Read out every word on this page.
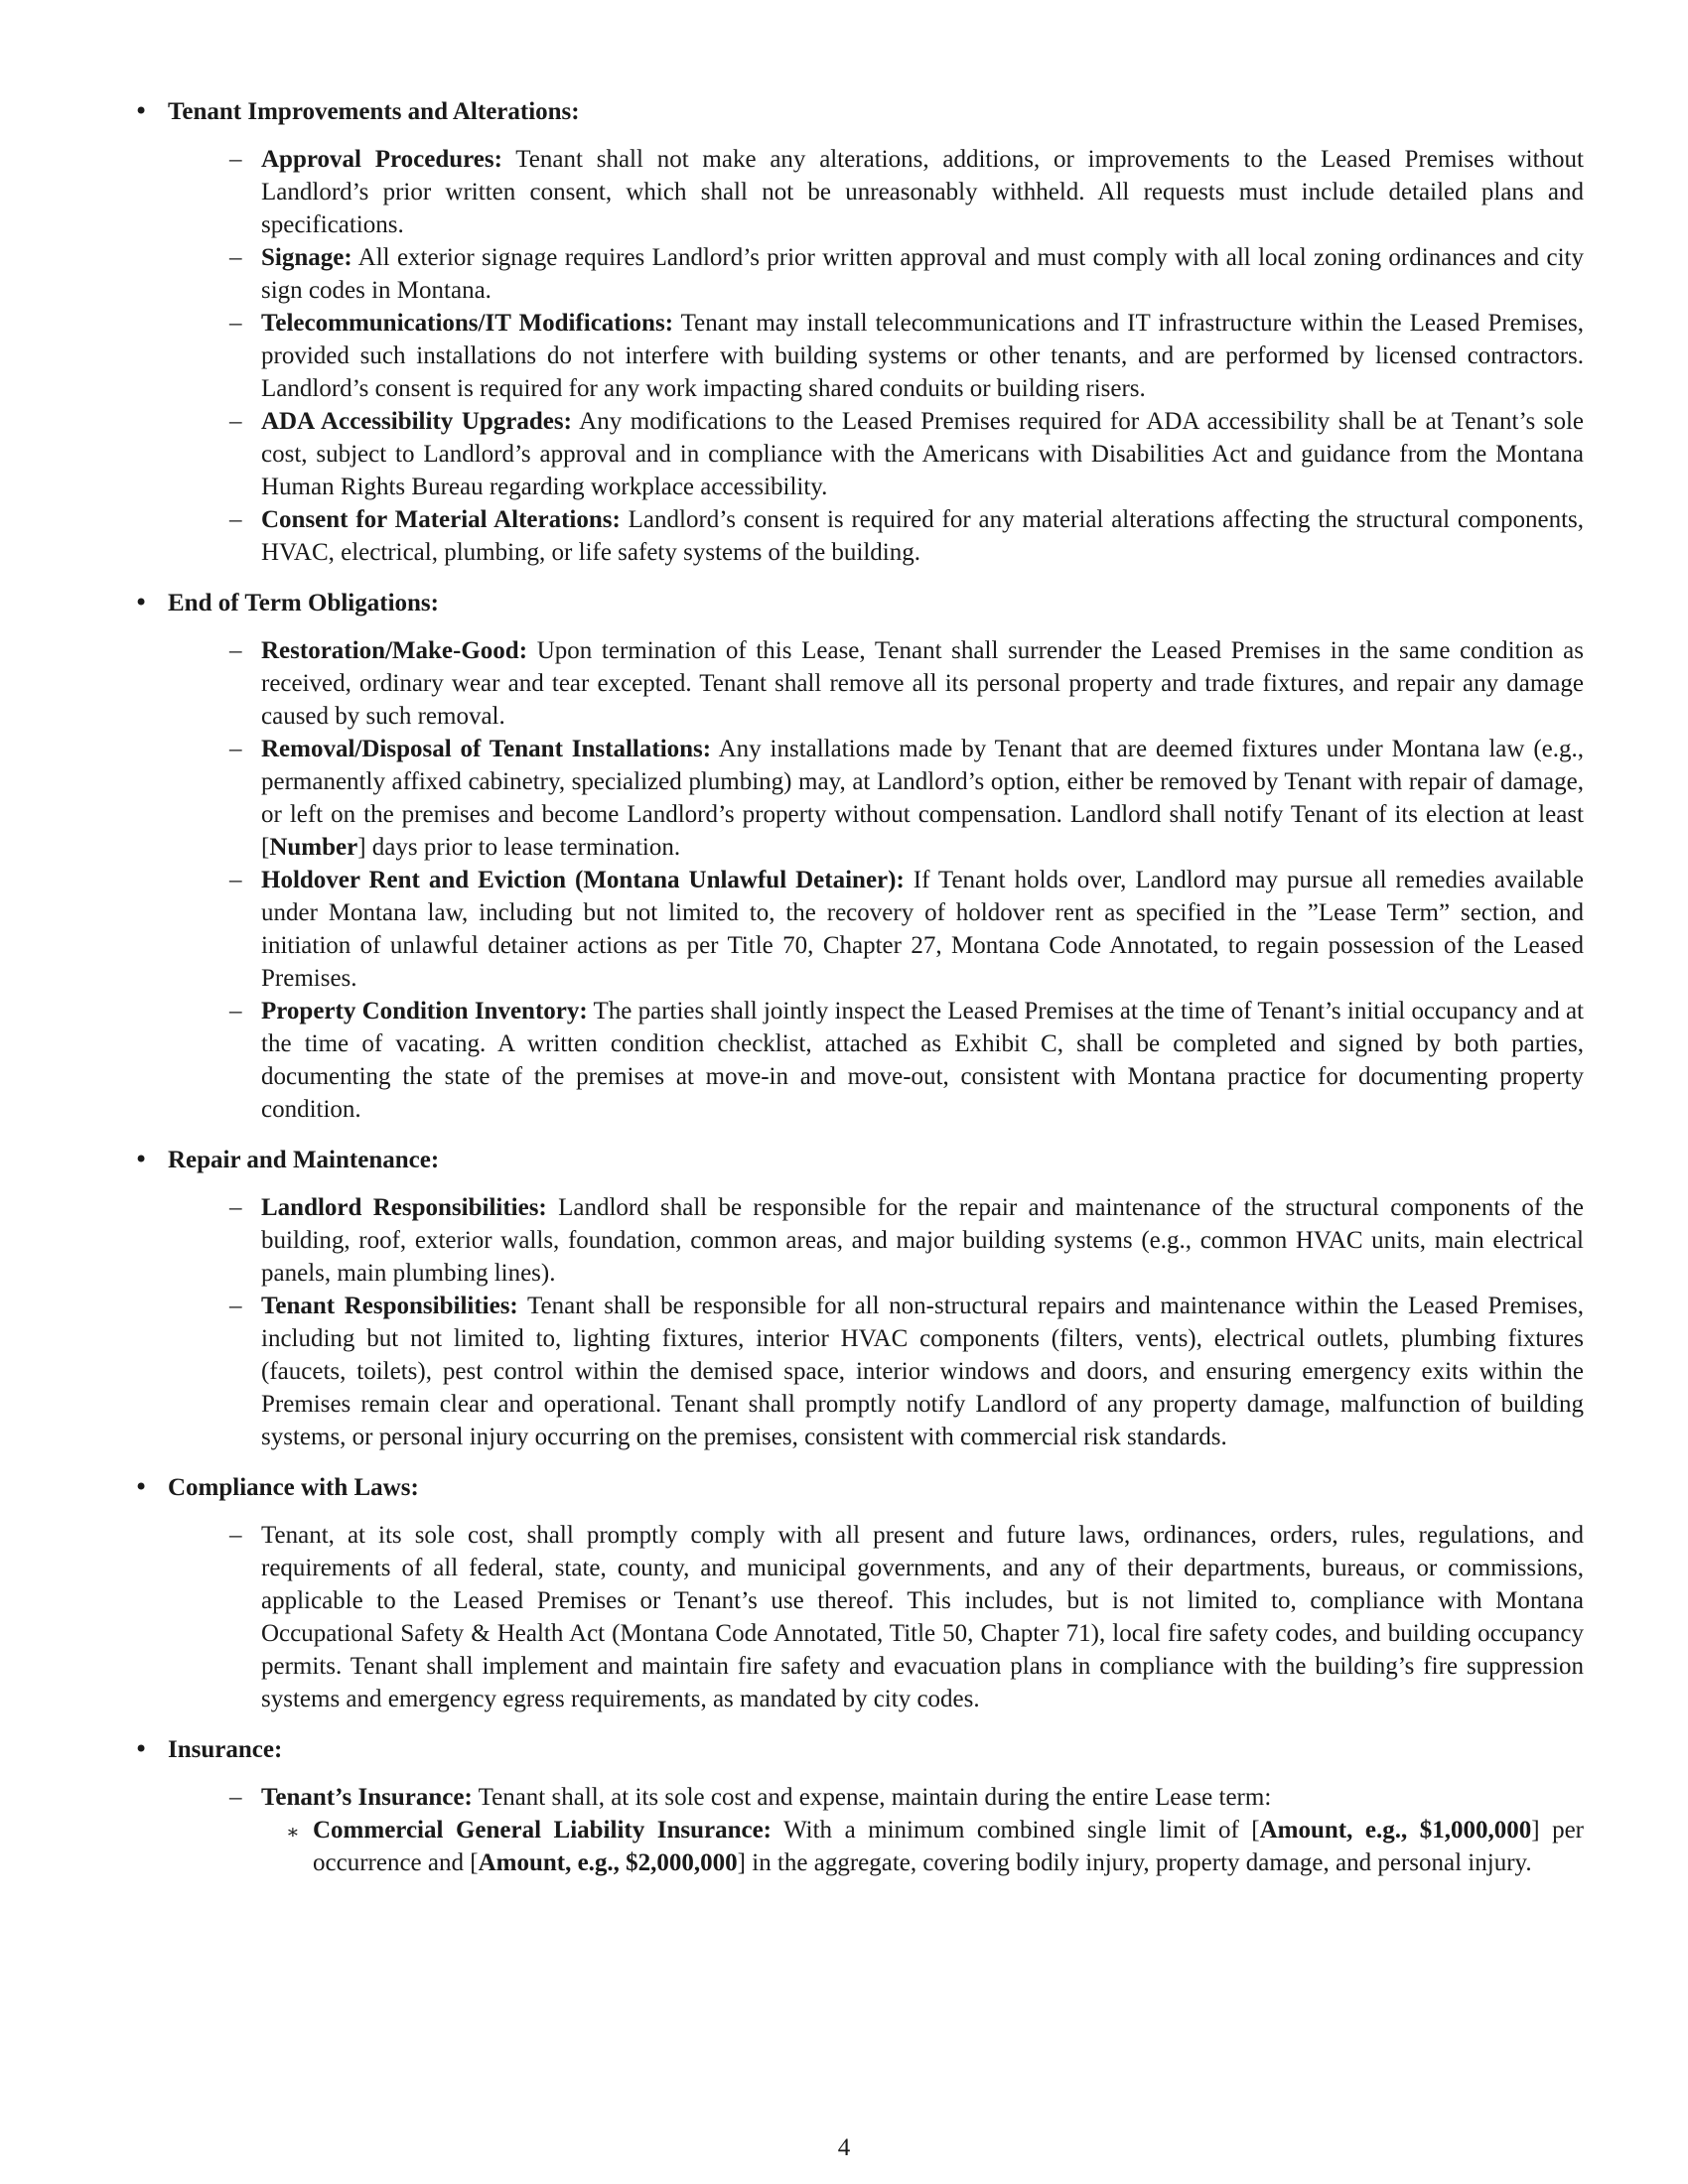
• Tenant Improvements and Alterations:
– Approval Procedures: Tenant shall not make any alterations, additions, or improvements to the Leased Premises without Landlord’s prior written consent, which shall not be unreasonably withheld. All requests must include detailed plans and specifications.
– Signage: All exterior signage requires Landlord’s prior written approval and must comply with all local zoning ordinances and city sign codes in Montana.
– Telecommunications/IT Modifications: Tenant may install telecommunications and IT infrastructure within the Leased Premises, provided such installations do not interfere with building systems or other tenants, and are performed by licensed contractors. Landlord’s consent is required for any work impacting shared conduits or building risers.
– ADA Accessibility Upgrades: Any modifications to the Leased Premises required for ADA accessibility shall be at Tenant’s sole cost, subject to Landlord’s approval and in compliance with the Americans with Disabilities Act and guidance from the Montana Human Rights Bureau regarding workplace accessibility.
– Consent for Material Alterations: Landlord’s consent is required for any material alterations affecting the structural components, HVAC, electrical, plumbing, or life safety systems of the building.
• End of Term Obligations:
– Restoration/Make-Good: Upon termination of this Lease, Tenant shall surrender the Leased Premises in the same condition as received, ordinary wear and tear excepted. Tenant shall remove all its personal property and trade fixtures, and repair any damage caused by such removal.
– Removal/Disposal of Tenant Installations: Any installations made by Tenant that are deemed fixtures under Montana law (e.g., permanently affixed cabinetry, specialized plumbing) may, at Landlord’s option, either be removed by Tenant with repair of damage, or left on the premises and become Landlord’s property without compensation. Landlord shall notify Tenant of its election at least [Number] days prior to lease termination.
– Holdover Rent and Eviction (Montana Unlawful Detainer): If Tenant holds over, Landlord may pursue all remedies available under Montana law, including but not limited to, the recovery of holdover rent as specified in the ”Lease Term” section, and initiation of unlawful detainer actions as per Title 70, Chapter 27, Montana Code Annotated, to regain possession of the Leased Premises.
– Property Condition Inventory: The parties shall jointly inspect the Leased Premises at the time of Tenant’s initial occupancy and at the time of vacating. A written condition checklist, attached as Exhibit C, shall be completed and signed by both parties, documenting the state of the premises at move-in and move-out, consistent with Montana practice for documenting property condition.
• Repair and Maintenance:
– Landlord Responsibilities: Landlord shall be responsible for the repair and maintenance of the structural components of the building, roof, exterior walls, foundation, common areas, and major building systems (e.g., common HVAC units, main electrical panels, main plumbing lines).
– Tenant Responsibilities: Tenant shall be responsible for all non-structural repairs and maintenance within the Leased Premises, including but not limited to, lighting fixtures, interior HVAC components (filters, vents), electrical outlets, plumbing fixtures (faucets, toilets), pest control within the demised space, interior windows and doors, and ensuring emergency exits within the Premises remain clear and operational. Tenant shall promptly notify Landlord of any property damage, malfunction of building systems, or personal injury occurring on the premises, consistent with commercial risk standards.
• Compliance with Laws:
– Tenant, at its sole cost, shall promptly comply with all present and future laws, ordinances, orders, rules, regulations, and requirements of all federal, state, county, and municipal governments, and any of their departments, bureaus, or commissions, applicable to the Leased Premises or Tenant’s use thereof. This includes, but is not limited to, compliance with Montana Occupational Safety & Health Act (Montana Code Annotated, Title 50, Chapter 71), local fire safety codes, and building occupancy permits. Tenant shall implement and maintain fire safety and evacuation plans in compliance with the building’s fire suppression systems and emergency egress requirements, as mandated by city codes.
• Insurance:
– Tenant’s Insurance: Tenant shall, at its sole cost and expense, maintain during the entire Lease term:
∗ Commercial General Liability Insurance: With a minimum combined single limit of [Amount, e.g., $1,000,000] per occurrence and [Amount, e.g., $2,000,000] in the aggregate, covering bodily injury, property damage, and personal injury.
4
